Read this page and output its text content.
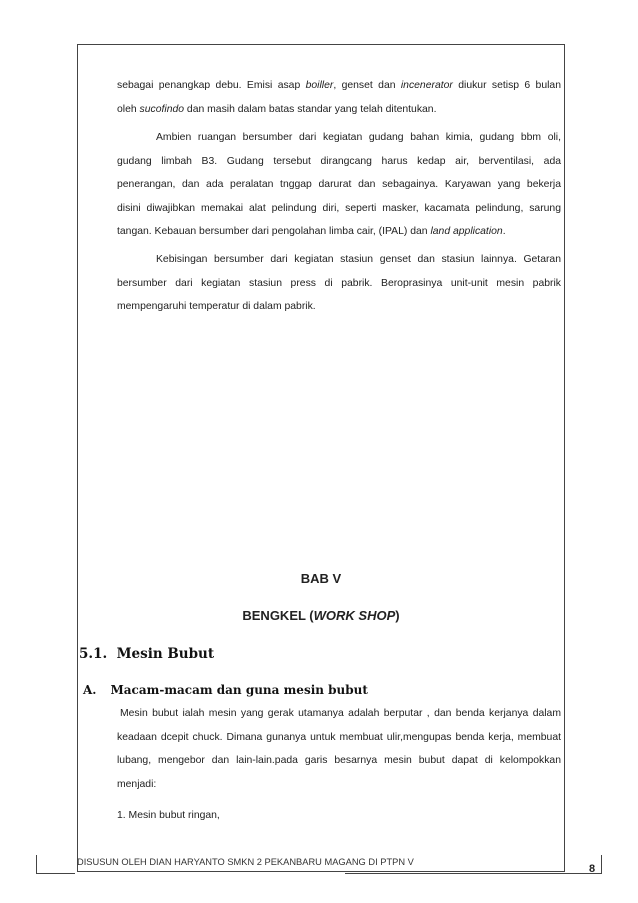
sebagai penangkap debu. Emisi asap boiller, genset dan incenerator diukur setisp 6 bulan
oleh sucofindo dan masih dalam batas standar yang telah ditentukan.
Ambien ruangan bersumber dari kegiatan gudang bahan kimia, gudang bbm oli,
gudang limbah B3. Gudang tersebut dirangcang harus kedap air, berventilasi, ada
penerangan, dan ada peralatan tnggap darurat dan sebagainya. Karyawan yang bekerja
disini diwajibkan memakai alat pelindung diri, seperti masker, kacamata pelindung, sarung
tangan. Kebauan bersumber dari pengolahan limba cair, (IPAL) dan land application.
Kebisingan bersumber dari kegiatan stasiun genset dan stasiun lainnya. Getaran
bersumber dari kegiatan stasiun press di pabrik. Beroprasinya unit-unit mesin pabrik
mempengaruhi temperatur di dalam pabrik.
BAB V
BENGKEL (WORK SHOP)
5.1. Mesin Bubut
A. Macam-macam dan guna mesin bubut
Mesin bubut ialah mesin yang gerak utamanya adalah berputar , dan benda kerjanya dalam
keadaan dcepit chuck. Dimana gunanya untuk membuat ulir,mengupas benda kerja, membuat
lubang, mengebor dan lain-lain.pada garis besarnya mesin bubut dapat di kelompokkan
menjadi:
1. Mesin bubut ringan,
DISUSUN OLEH DIAN HARYANTO SMKN 2 PEKANBARU MAGANG DI PTPN V
8
